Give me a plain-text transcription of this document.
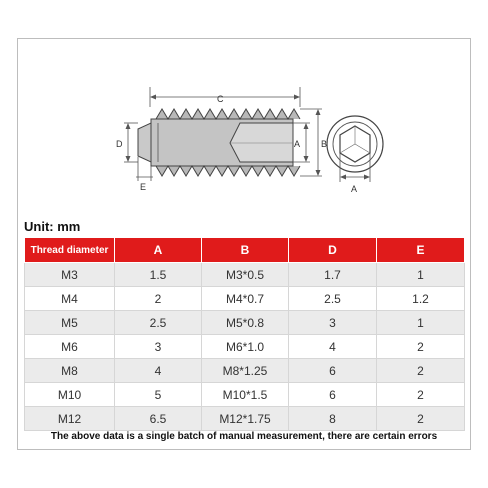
C
D
E
A B
A
Unit: mm
Thread diameter	A	B	D	E
M3	1.5	M3*0.5	1.7	1
M4	2	M4*0.7	2.5	1.2
M5	2.5	M5*0.8	3	1
M6	3	M6*1.0	4	2
M8	4	M8*1.25	6	2
M10	5	M10*1.5	6	2
M12	6.5	M12*1.75	8	2
The above data is a single batch of manual measurement, there are certain errors
